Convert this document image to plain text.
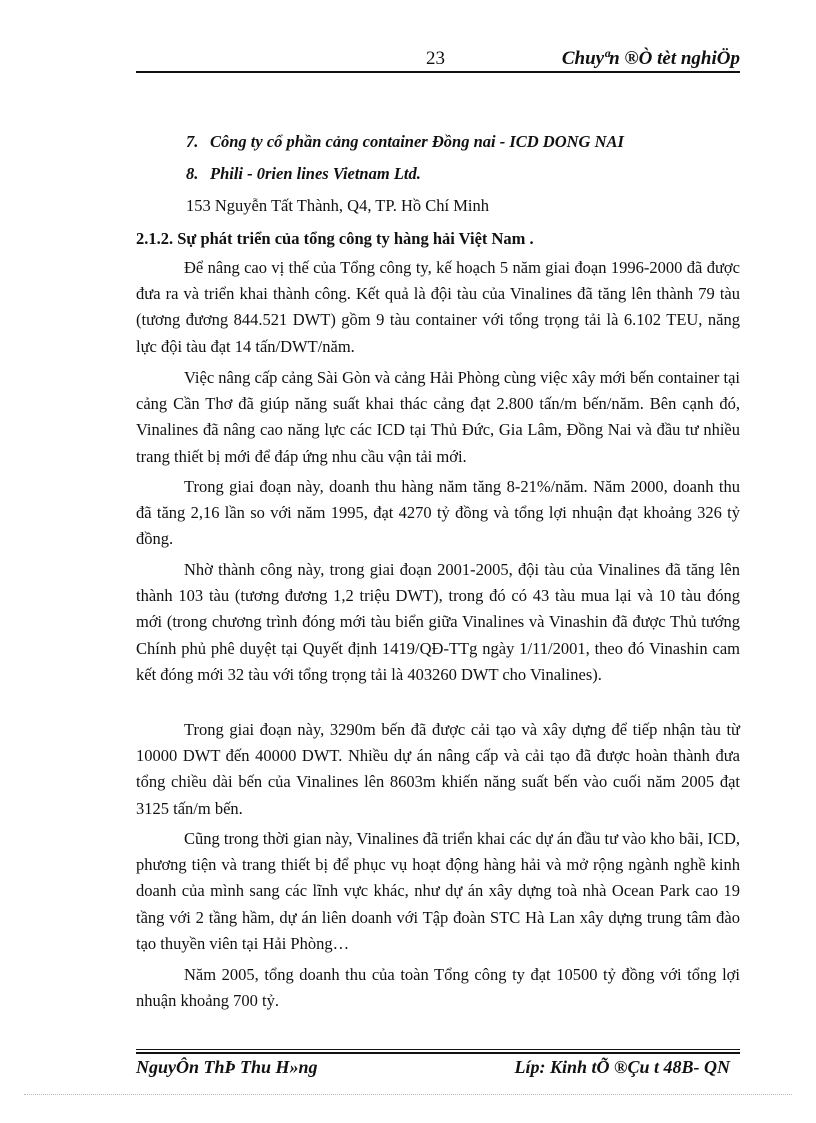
23	Chuyªn ®Ò tèt nghiÖp
7. Công ty cổ phần cảng container Đồng nai - ICD DONG NAI
8. Phili - 0rien lines Vietnam Ltd.
153 Nguyễn Tất Thành, Q4, TP. Hồ Chí Minh
2.1.2. Sự phát triển của tổng công ty hàng hải Việt Nam .

Để nâng cao vị thế của Tổng công ty, kế hoạch 5 năm giai đoạn 1996-2000 đã được đưa ra và triển khai thành công. Kết quả là đội tàu của Vinalines đã tăng lên thành 79 tàu (tương đương 844.521 DWT) gồm 9 tàu container với tổng trọng tải là 6.102 TEU, năng lực đội tàu đạt 14 tấn/DWT/năm.

Việc nâng cấp cảng Sài Gòn và cảng Hải Phòng cùng việc xây mới bến container tại cảng Cần Thơ đã giúp năng suất khai thác cảng đạt 2.800 tấn/m bến/năm. Bên cạnh đó, Vinalines đã nâng cao năng lực các ICD tại Thủ Đức, Gia Lâm, Đồng Nai và đầu tư nhiều trang thiết bị mới để đáp ứng nhu cầu vận tải mới.

Trong giai đoạn này, doanh thu hàng năm tăng 8-21%/năm. Năm 2000, doanh thu đã tăng 2,16 lần so với năm 1995, đạt 4270 tỷ đồng và tổng lợi nhuận đạt khoảng 326 tỷ đồng.

Nhờ thành công này, trong giai đoạn 2001-2005, đội tàu của Vinalines đã tăng lên thành 103 tàu (tương đương 1,2 triệu DWT), trong đó có 43 tàu mua lại và 10 tàu đóng mới (trong chương trình đóng mới tàu biển giữa Vinalines và Vinashin đã được Thủ tướng Chính phủ phê duyệt tại Quyết định 1419/QĐ-TTg ngày 1/11/2001, theo đó Vinashin cam kết đóng mới 32 tàu với tổng trọng tải là 403260 DWT cho Vinalines).

Trong giai đoạn này, 3290m bến đã được cải tạo và xây dựng để tiếp nhận tàu từ 10000 DWT đến 40000 DWT. Nhiều dự án nâng cấp và cải tạo đã được hoàn thành đưa tổng chiều dài bến của Vinalines lên 8603m khiến năng suất bến vào cuối năm 2005 đạt 3125 tấn/m bến.

Cũng trong thời gian này, Vinalines đã triển khai các dự án đầu tư vào kho bãi, ICD, phương tiện và trang thiết bị để phục vụ hoạt động hàng hải và mở rộng ngành nghề kinh doanh của mình sang các lĩnh vực khác, như dự án xây dựng toà nhà Ocean Park cao 19 tầng với 2 tầng hầm, dự án liên doanh với Tập đoàn STC Hà Lan xây dựng trung tâm đào tạo thuyền viên tại Hải Phòng…

Năm 2005, tổng doanh thu của toàn Tổng công ty đạt 10500 tỷ đồng với tổng lợi nhuận khoảng 700 tỷ.

NguyÔn ThÞ Thu H»ng	Líp: Kinh tÕ ®Çu t 48B- QN
